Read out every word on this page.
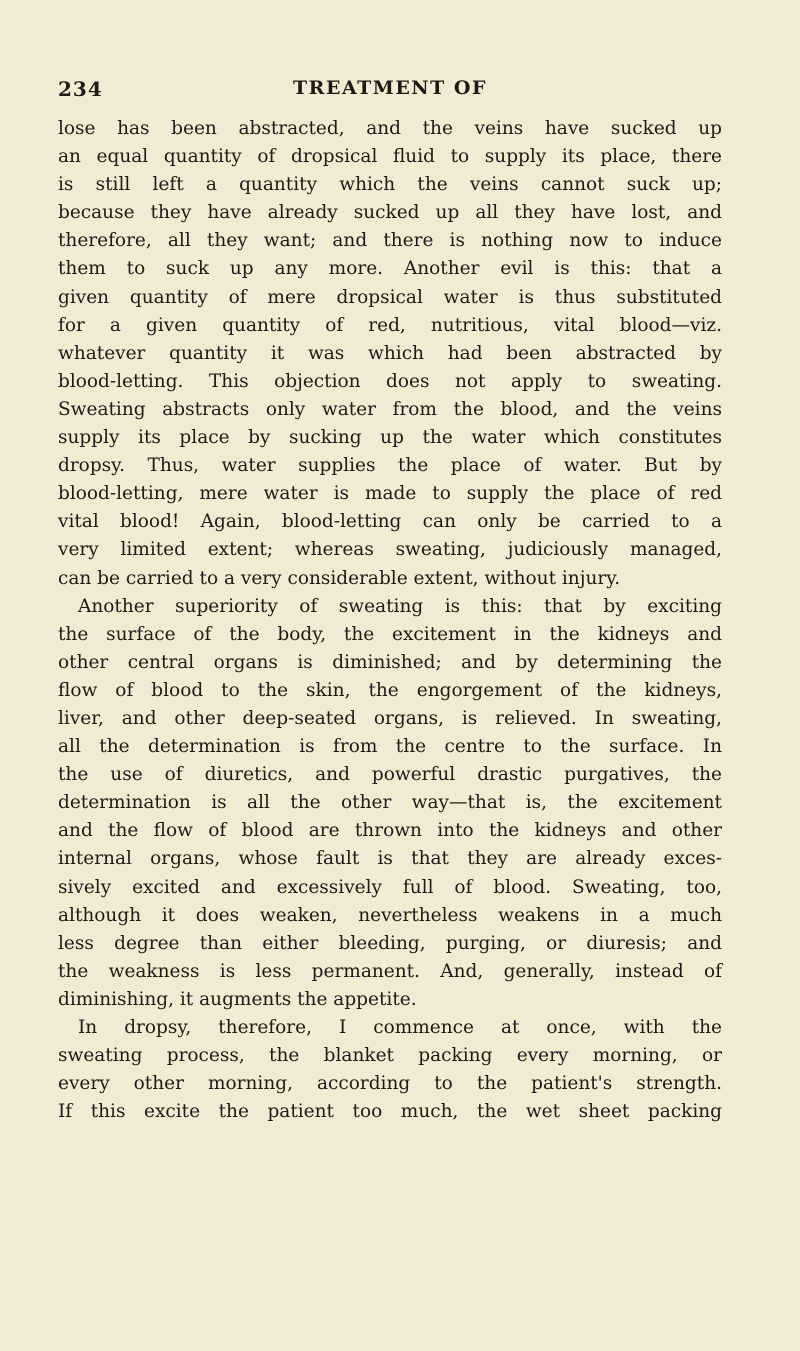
234	TREATMENT OF
lose has been abstracted, and the veins have sucked up
an equal quantity of dropsical fluid to supply its place, there
is still left a quantity which the veins cannot suck up;
because they have already sucked up all they have lost, and
therefore, all they want; and there is nothing now to induce
them to suck up any more. Another evil is this: that a
given quantity of mere dropsical water is thus substituted
for a given quantity of red, nutritious, vital blood—viz.
whatever quantity it was which had been abstracted by
blood-letting. This objection does not apply to sweating.
Sweating abstracts only water from the blood, and the veins
supply its place by sucking up the water which constitutes
dropsy. Thus, water supplies the place of water. But by
blood-letting, mere water is made to supply the place of red
vital blood! Again, blood-letting can only be carried to a
very limited extent; whereas sweating, judiciously managed,
can be carried to a very considerable extent, without injury.
Another superiority of sweating is this: that by exciting
the surface of the body, the excitement in the kidneys and
other central organs is diminished; and by determining the
flow of blood to the skin, the engorgement of the kidneys,
liver, and other deep-seated organs, is relieved. In sweating,
all the determination is from the centre to the surface. In
the use of diuretics, and powerful drastic purgatives, the
determination is all the other way—that is, the excitement
and the flow of blood are thrown into the kidneys and other
internal organs, whose fault is that they are already exces-
sively excited and excessively full of blood. Sweating, too,
although it does weaken, nevertheless weakens in a much
less degree than either bleeding, purging, or diuresis; and
the weakness is less permanent. And, generally, instead of
diminishing, it augments the appetite.
In dropsy, therefore, I commence at once, with the
sweating process, the blanket packing every morning, or
every other morning, according to the patient's strength.
If this excite the patient too much, the wet sheet packing
